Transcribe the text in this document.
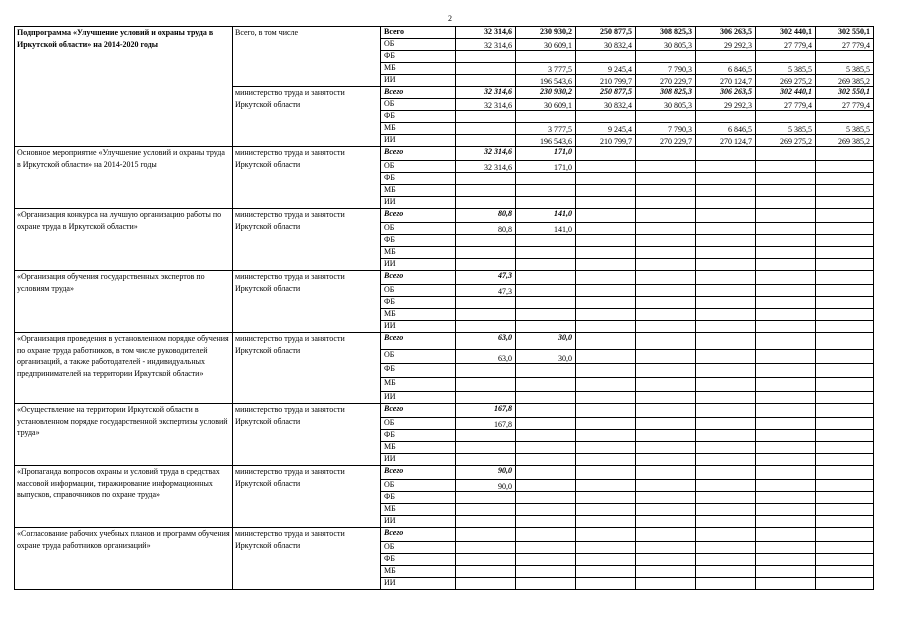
2
Подпрограмма «Улучшение условий и охраны труда в Иркутской области» на 2014-2020 годы	Всего, в том числе	Всего	32 314,6	230 930,2	250 877,5	308 825,3	306 263,5	302 440,1	302 550,1
		ОБ	32 314,6	30 609,1	30 832,4	30 805,3	29 292,3	27 779,4	27 779,4
		ФБ							
		МБ		3 777,5	9 245,4	7 790,3	6 846,5	5 385,5	5 385,5
		ИИ		196 543,6	210 799,7	270 229,7	270 124,7	269 275,2	269 385,2
	министерство труда и занятости Иркутской области	Всего	32 314,6	230 930,2	250 877,5	308 825,3	306 263,5	302 440,1	302 550,1
		ОБ	32 314,6	30 609,1	30 832,4	30 805,3	29 292,3	27 779,4	27 779,4
		ФБ							
		МБ		3 777,5	9 245,4	7 790,3	6 846,5	5 385,5	5 385,5
		ИИ		196 543,6	210 799,7	270 229,7	270 124,7	269 275,2	269 385,2
Основное мероприятие «Улучшение условий и охраны труда в Иркутской области» на 2014-2015 годы	министерство труда и занятости Иркутской области	Всего	32 314,6	171,0					
		ОБ	32 314,6	171,0					
		ФБ							
		МБ							
		ИИ							
«Организация конкурса на лучшую организацию работы по охране труда в Иркутской области»	министерство труда и занятости Иркутской области	Всего	80,8	141,0					
		ОБ	80,8	141,0					
		ФБ							
		МБ							
		ИИ							
«Организация обучения государственных экспертов по условиям труда»	министерство труда и занятости Иркутской области	Всего	47,3						
		ОБ	47,3						
		ФБ							
		МБ							
		ИИ							
«Организация проведения в установленном порядке обучения по охране труда работников, в том числе руководителей организаций, а также работодателей - индивидуальных предпринимателей на территории Иркутской области»	министерство труда и занятости Иркутской области	Всего	63,0	30,0					
		ОБ	63,0	30,0					
		ФБ							
		МБ							
		ИИ							
«Осуществление на территории Иркутской области в установленном порядке государственной экспертизы условий труда»	министерство труда и занятости Иркутской области	Всего	167,8						
		ОБ	167,8						
		ФБ							
		МБ							
		ИИ							
«Пропаганда вопросов охраны и условий труда в средствах массовой информации, тиражирование информационных выпусков, справочников по охране труда»	министерство труда и занятости Иркутской области	Всего	90,0						
		ОБ	90,0						
		ФБ							
		МБ							
		ИИ							
«Согласование рабочих учебных планов и программ обучения охране труда работников организаций»	министерство труда и занятости Иркутской области	Всего							
		ОБ							
		ФБ							
		МБ							
		ИИ							
